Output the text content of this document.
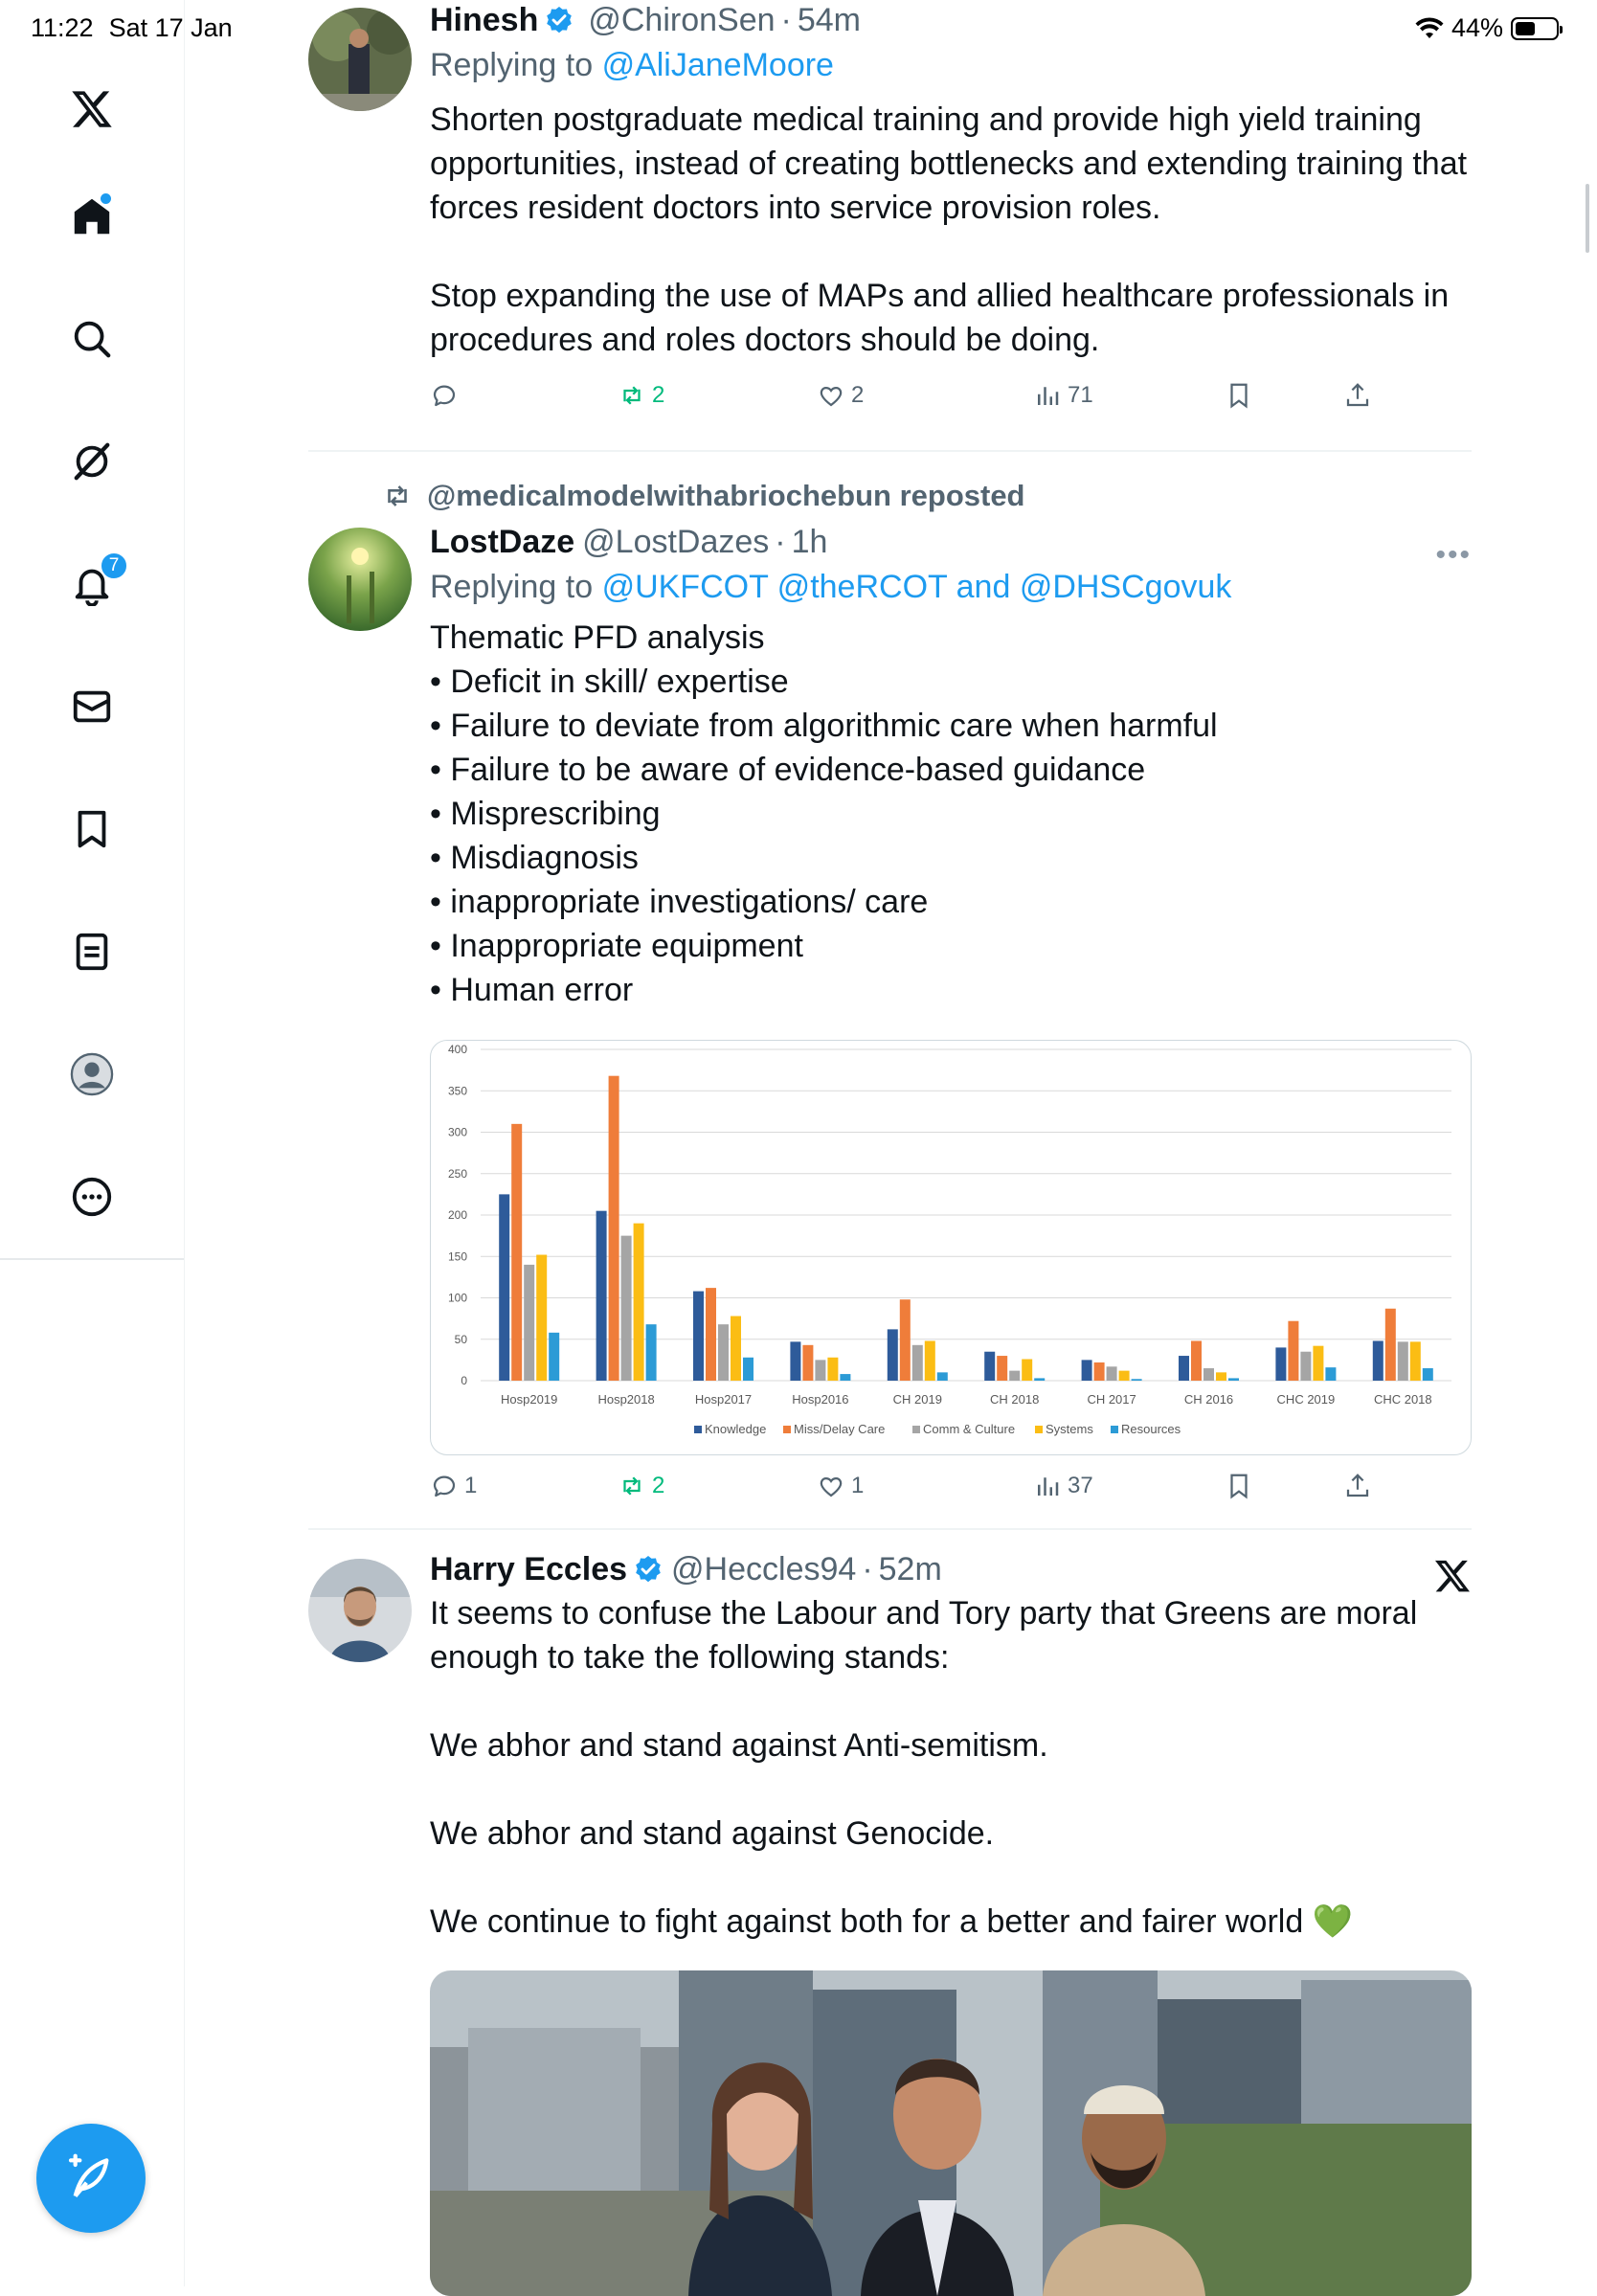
11:22 Sat 17 Jan	44%
7
Hinesh @ChironSen · 54m
Replying to @AliJaneMoore

Shorten postgraduate medical training and provide high yield training opportunities, instead of creating bottlenecks and extending training that forces resident doctors into service provision roles.

Stop expanding the use of MAPs and allied healthcare professionals in procedures and roles doctors should be doing.

2	2	71
@medicalmodelwithabriochebun reposted
LostDaze @LostDazes · 1h	•••
Replying to @UKFCOT @theRCOT and @DHSCgovuk

Thematic PFD analysis

• Deficit in skill/ expertise

• Failure to deviate from algorithmic care when harmful

• Failure to be aware of evidence-based guidance

• Misprescribing

• Misdiagnosis

• inappropriate investigations/ care

• Inappropriate equipment

• Human error

1	2	1	37
0
50
100
150
200
250
300
350
400
Hosp2019	Hosp2018	Hosp2017	Hosp2016	CH 2019	CH 2018	CH 2017	CH 2016	CHC 2019	CHC 2018
Knowledge Miss/Delay Care	Comm & Culture Systems Resources
Harry Eccles @Heccles94 · 52m

It seems to confuse the Labour and Tory party that Greens are moral enough to take the following stands:

We abhor and stand against Anti-semitism.

We abhor and stand against Genocide.

We continue to fight against both for a better and fairer world 💚
